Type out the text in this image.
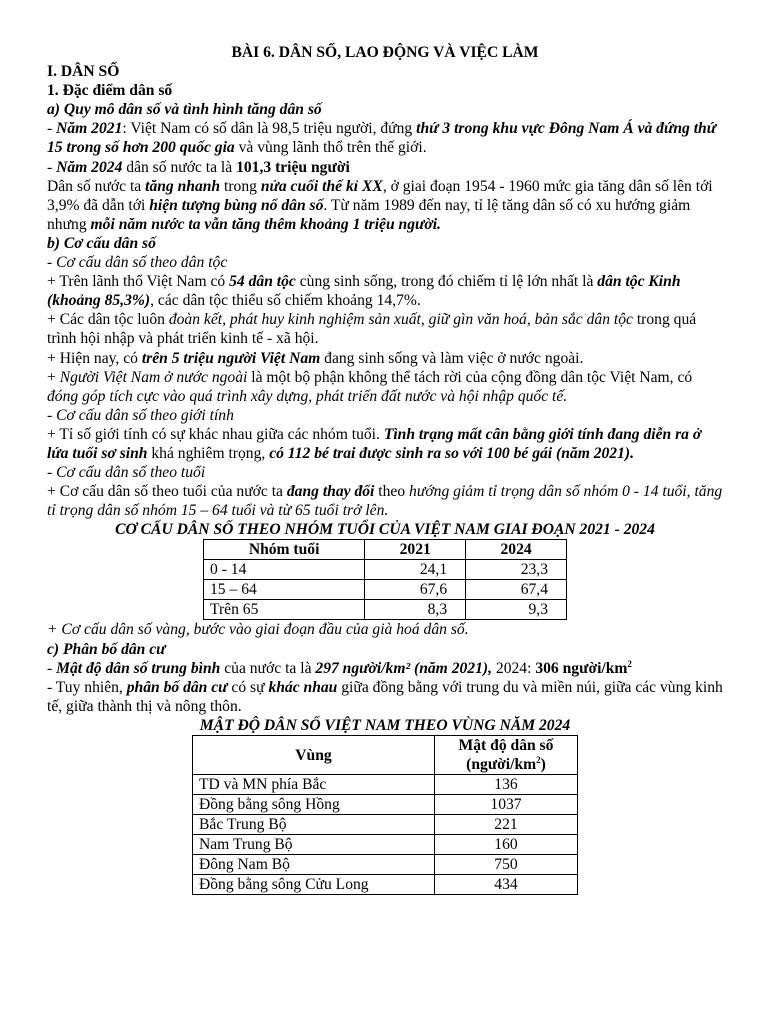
BÀI 6. DÂN SỐ, LAO ĐỘNG VÀ VIỆC LÀM

I. DÂN SỐ

1. Đặc điểm dân số

a) Quy mô dân số và tình hình tăng dân số

- Năm 2021: Việt Nam có số dân là 98,5 triệu người, đứng thứ 3 trong khu vực Đông Nam Á và đứng thứ 15 trong số hơn 200 quốc gia và vùng lãnh thổ trên thế giới.

- Năm 2024 dân số nước ta là 101,3 triệu người

Dân số nước ta tăng nhanh trong nửa cuối thế kỉ XX, ở giai đoạn 1954 - 1960 mức gia tăng dân số lên tới 3,9% đã dẫn tới hiện tượng bùng nổ dân số. Từ năm 1989 đến nay, tỉ lệ tăng dân số có xu hướng giảm nhưng mỗi năm nước ta vẫn tăng thêm khoảng 1 triệu người.

b) Cơ cấu dân số

- Cơ cấu dân số theo dân tộc

+ Trên lãnh thổ Việt Nam có 54 dân tộc cùng sinh sống, trong đó chiếm tỉ lệ lớn nhất là dân tộc Kinh (khoảng 85,3%), các dân tộc thiểu số chiếm khoảng 14,7%.

+ Các dân tộc luôn đoàn kết, phát huy kinh nghiệm sản xuất, giữ gìn văn hoá, bản sắc dân tộc trong quá trình hội nhập và phát triển kinh tế - xã hội.

+ Hiện nay, có trên 5 triệu người Việt Nam đang sinh sống và làm việc ở nước ngoài.

+ Người Việt Nam ở nước ngoài là một bộ phận không thể tách rời của cộng đồng dân tộc Việt Nam, có đóng góp tích cực vào quá trình xây dựng, phát triển đất nước và hội nhập quốc tế.

- Cơ cấu dân số theo giới tính

+ Tỉ số giới tính có sự khác nhau giữa các nhóm tuổi. Tình trạng mất cân bằng giới tính đang diễn ra ở lứa tuổi sơ sinh khá nghiêm trọng, có 112 bé trai được sinh ra so với 100 bé gái (năm 2021).

- Cơ cấu dân số theo tuổi

+ Cơ cấu dân số theo tuổi của nước ta đang thay đổi theo hướng giảm tỉ trọng dân số nhóm 0 - 14 tuổi, tăng tỉ trọng dân số nhóm 15 – 64 tuổi và từ 65 tuổi trở lên.

CƠ CẤU DÂN SỐ THEO NHÓM TUỔI CỦA VIỆT NAM GIAI ĐOẠN 2021 - 2024

Nhóm tuổi	2021	2024
0 - 14	24,1	23,3
15 – 64	67,6	67,4
Trên 65	8,3	9,3

+ Cơ cấu dân số vàng, bước vào giai đoạn đầu của già hoá dân số.

c) Phân bố dân cư

- Mật độ dân số trung bình của nước ta là 297 người/km² (năm 2021), 2024: 306 người/$km^2$

- Tuy nhiên, phân bố dân cư có sự khác nhau giữa đồng bằng với trung du và miền núi, giữa các vùng kinh tế, giữa thành thị và nông thôn.

MẬT ĐỘ DÂN SỐ VIỆT NAM THEO VÙNG NĂM 2024

Vùng	Mật độ dân số
$(người/km^2)$
TD và MN phía Bắc	136
Đồng bằng sông Hồng	1037
Bắc Trung Bộ	221
Nam Trung Bộ	160
Đông Nam Bộ	750
Đồng bằng sông Cửu Long	434
